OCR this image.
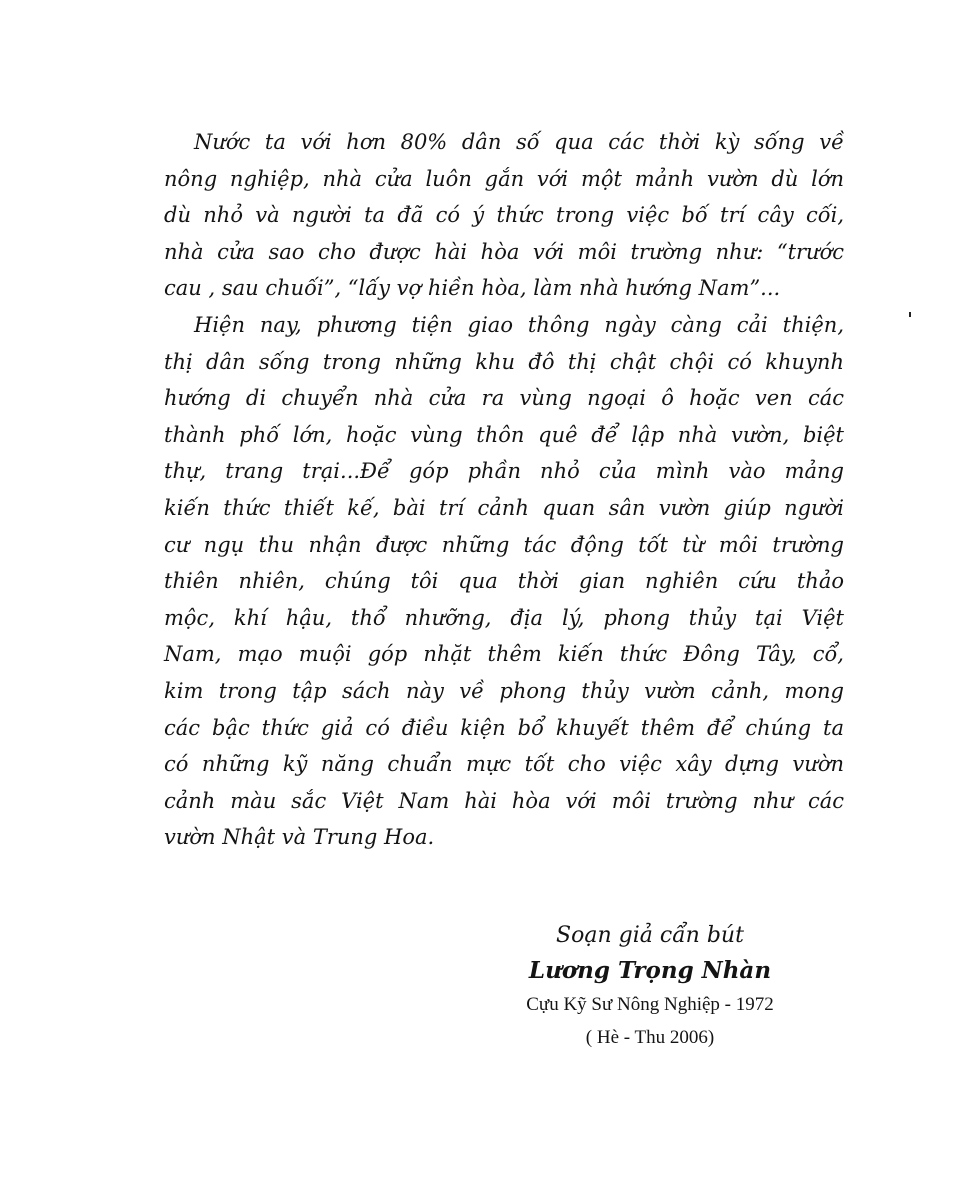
Nước ta với hơn 80% dân số qua các thời kỳ sống về
nông nghiệp, nhà cửa luôn gắn với một mảnh vườn dù lớn
dù nhỏ và người ta đã có ý thức trong việc bố trí cây cối,
nhà cửa sao cho được hài hòa với môi trường như: “trước
cau , sau chuối”, “lấy vợ hiền hòa, làm nhà hướng Nam”...
Hiện nay, phương tiện giao thông ngày càng cải thiện,
thị dân sống trong những khu đô thị chật chội có khuynh
hướng di chuyển nhà cửa ra vùng ngoại ô hoặc ven các
thành phố lớn, hoặc vùng thôn quê để lập nhà vườn, biệt
thự, trang trại...Để góp phần nhỏ của mình vào mảng
kiến thức thiết kế, bài trí cảnh quan sân vườn giúp người
cư ngụ thu nhận được những tác động tốt từ môi trường
thiên nhiên, chúng tôi qua thời gian nghiên cứu thảo
mộc, khí hậu, thổ nhưỡng, địa lý, phong thủy tại Việt
Nam, mạo muội góp nhặt thêm kiến thức Đông Tây, cổ,
kim trong tập sách này về phong thủy vườn cảnh, mong
các bậc thức giả có điều kiện bổ khuyết thêm để chúng ta
có những kỹ năng chuẩn mực tốt cho việc xây dựng vườn
cảnh màu sắc Việt Nam hài hòa với môi trường như các
vườn Nhật và Trung Hoa.
Soạn giả cẩn bút
Lương Trọng Nhàn
Cựu Kỹ Sư Nông Nghiệp - 1972
( Hè - Thu 2006)
